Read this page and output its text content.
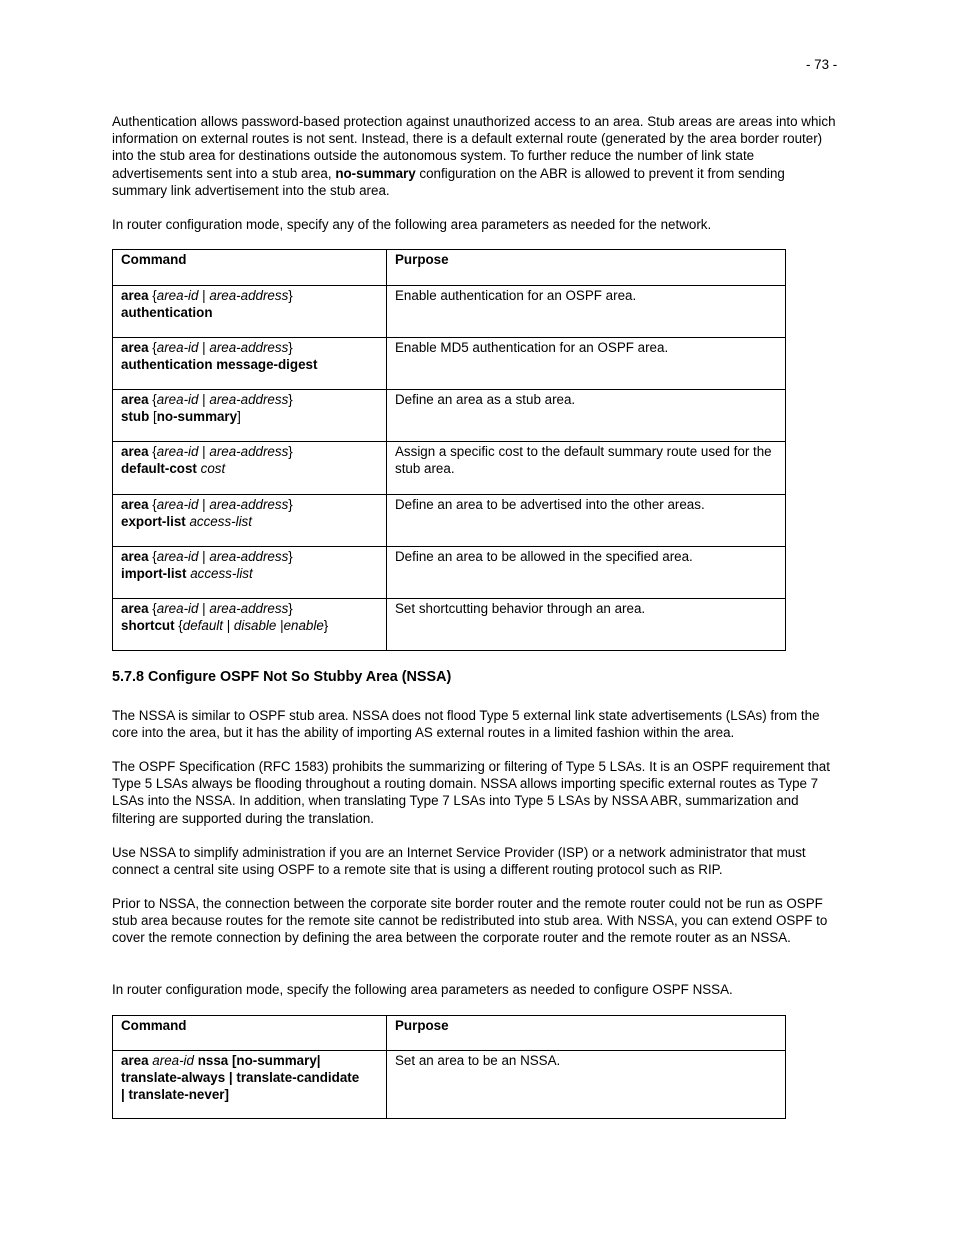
- 73 -

Authentication allows password-based protection against unauthorized access to an area. Stub areas are areas into which information on external routes is not sent. Instead, there is a default external route (generated by the area border router) into the stub area for destinations outside the autonomous system. To further reduce the number of link state advertisements sent into a stub area, no-summary configuration on the ABR is allowed to prevent it from sending summary link advertisement into the stub area.

In router configuration mode, specify any of the following area parameters as needed for the network.

Command	Purpose

area {area-id | area-address}
authentication	Enable authentication for an OSPF area.

area {area-id | area-address}
authentication message-digest	Enable MD5 authentication for an OSPF area.

area {area-id | area-address}
stub [no-summary]	Define an area as a stub area.

area {area-id | area-address}
default-cost cost	Assign a specific cost to the default summary route used for the stub area.

area {area-id | area-address}
export-list access-list	Define an area to be advertised into the other areas.

area {area-id | area-address}
import-list access-list	Define an area to be allowed in the specified area.

area {area-id | area-address}
shortcut {default | disable |enable}	Set shortcutting behavior through an area.
5.7.8 Configure OSPF Not So Stubby Area (NSSA)

The NSSA is similar to OSPF stub area. NSSA does not flood Type 5 external link state advertisements (LSAs) from the core into the area, but it has the ability of importing AS external routes in a limited fashion within the area.

The OSPF Specification (RFC 1583) prohibits the summarizing or filtering of Type 5 LSAs. It is an OSPF requirement that Type 5 LSAs always be flooding throughout a routing domain. NSSA allows importing specific external routes as Type 7 LSAs into the NSSA. In addition, when translating Type 7 LSAs into Type 5 LSAs by NSSA ABR, summarization and filtering are supported during the translation.

Use NSSA to simplify administration if you are an Internet Service Provider (ISP) or a network administrator that must connect a central site using OSPF to a remote site that is using a different routing protocol such as RIP.

Prior to NSSA, the connection between the corporate site border router and the remote router could not be run as OSPF stub area because routes for the remote site cannot be redistributed into stub area. With NSSA, you can extend OSPF to cover the remote connection by defining the area between the corporate router and the remote router as an NSSA.

In router configuration mode, specify the following area parameters as needed to configure OSPF NSSA.

Command	Purpose

area area-id nssa [no-summary|
translate-always | translate-candidate
| translate-never]	Set an area to be an NSSA.
